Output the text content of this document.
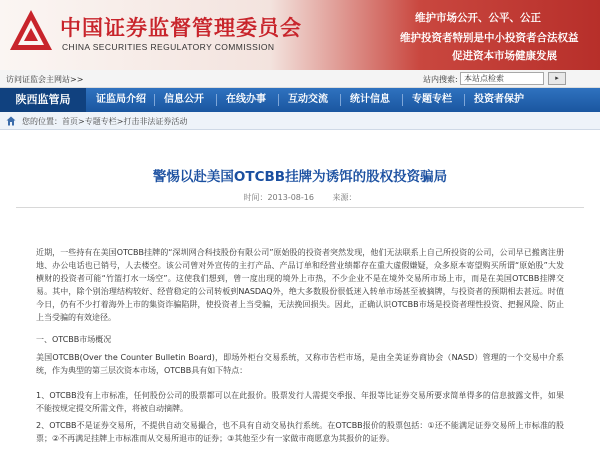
中国证券监督管理委员会
CHINA SECURITIES REGULATORY COMMISSION
维护市场公开、公平、公正
维护投资者特别是中小投资者合法权益
促进资本市场健康发展
访问证监会主网站>>	站内搜索:
本站点检索	▸
陕西监管局	证监局介绍 信息公开 在线办事 互动交流 统计信息 专题专栏 投资者保护
您的位置：首页>专题专栏>打击非法证券活动
警惕以赴美国OTCBB挂牌为诱饵的股权投资骗局
时间：2013-08-16 来源：

近期，一些持有在美国OTCBB挂牌的“深圳网合科技股份有限公司”原始股的投资者突然发现，他们无法联系上自己所投资的公司，公司早已搬离注册地、办公电话也已销号，人去楼空。该公司曾对外宣传的主打产品、产品订单和经营业绩都存在重大虚假嫌疑，众多原本寄望购买所谓“原始股”大发横财的投资者可能“竹篮打水一场空”。这使我们想到，曾一度出现的境外上市热，不少企业不是在境外交易所市场上市，而是在美国OTCBB挂牌交易。其中，除个别治理结构较好、经营稳定的公司转板到NASDAQ外，绝大多数股份很低迷入转单市场甚至被摘牌，与投资者的预期相去甚远。时值今日，仍有不少打着海外上市的集资诈骗陷阱，使投资者上当受骗，无法挽回损失。因此，正确认识OTCBB市场是投资者理性投资、把握风险、防止上当受骗的有效途径。

一、OTCBB市场概况

美国OTCBB(Over the Counter Bulletin Board)，即场外柜台交易系统，又称市告栏市场，是由全美证券商协会（NASD）管理的一个交易中介系统，作为典型的第三层次资本市场，OTCBB具有如下特点：

1、OTCBB没有上市标准，任何股份公司的股票都可以在此报价。股票发行人需提交季报、年报等比证券交易所要求简单得多的信息披露文件，如果不能按规定提交所需文件，将被自动摘牌。

2、OTCBB不是证券交易所，不提供自动交易撮合，也不具有自动交易执行系统。在OTCBB报价的股票包括：①还不能满足证券交易所上市标准的股票；②不再满足挂牌上市标准而从交易所退市的证券；③其他至少有一家做市商愿意为其报价的证券。
